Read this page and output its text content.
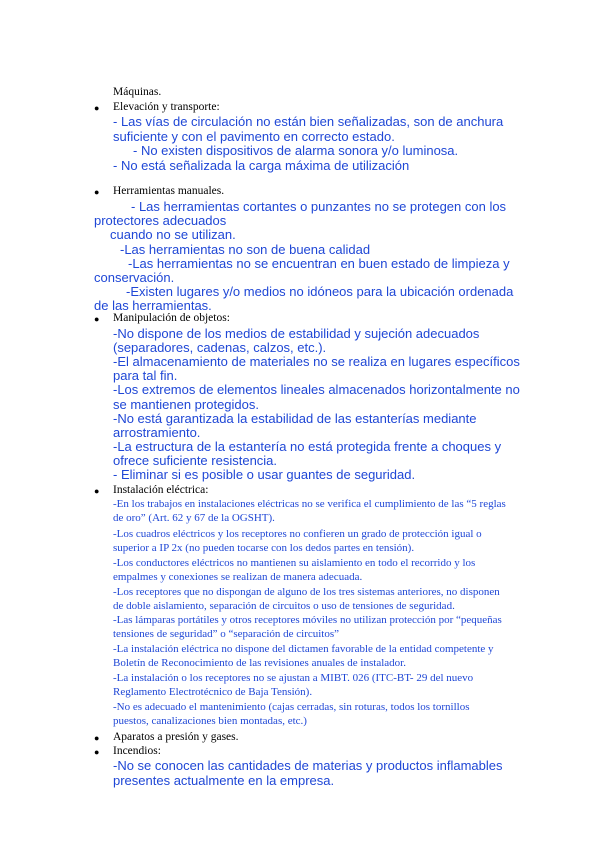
Máquinas.
● Elevación y transporte:
- Las vías de circulación no están bien señalizadas, son de anchura
suficiente y con el pavimento en correcto estado.
- No existen dispositivos de alarma sonora y/o luminosa.
- No está señalizada la carga máxima de utilización
● Herramientas manuales.
- Las herramientas cortantes o punzantes no se protegen con los
protectores adecuados
cuando no se utilizan.
-Las herramientas no son de buena calidad
-Las herramientas no se encuentran en buen estado de limpieza y
conservación.
-Existen lugares y/o medios no idóneos para la ubicación ordenada
de las herramientas.
● Manipulación de objetos:
-No dispone de los medios de estabilidad y sujeción adecuados
(separadores, cadenas, calzos, etc.).
-El almacenamiento de materiales no se realiza en lugares específicos
para tal fin.
-Los extremos de elementos lineales almacenados horizontalmente no
se mantienen protegidos.
-No está garantizada la estabilidad de las estanterías mediante
arrostramiento.
-La estructura de la estantería no está protegida frente a choques y
ofrece suficiente resistencia.
- Eliminar si es posible o usar guantes de seguridad.
● Instalación eléctrica:
-En los trabajos en instalaciones eléctricas no se verifica el cumplimiento de las “5 reglas
de oro” (Art. 62 y 67 de la OGSHT).
-Los cuadros eléctricos y los receptores no confieren un grado de protección igual o
superior a IP 2x (no pueden tocarse con los dedos partes en tensión).
-Los conductores eléctricos no mantienen su aislamiento en todo el recorrido y los
empalmes y conexiones se realizan de manera adecuada.
-Los receptores que no dispongan de alguno de los tres sistemas anteriores, no disponen
de doble aislamiento, separación de circuitos o uso de tensiones de seguridad.
-Las lámparas portátiles y otros receptores móviles no utilizan protección por “pequeñas
tensiones de seguridad” o “separación de circuitos”
-La instalación eléctrica no dispone del dictamen favorable de la entidad competente y
Boletín de Reconocimiento de las revisiones anuales de instalador.
-La instalación o los receptores no se ajustan a MIBT. 026 (ITC-BT- 29 del nuevo
Reglamento Electrotécnico de Baja Tensión).
-No es adecuado el mantenimiento (cajas cerradas, sin roturas, todos los tornillos
puestos, canalizaciones bien montadas, etc.)
● Aparatos a presión y gases.
● Incendios:
-No se conocen las cantidades de materias y productos inflamables
presentes actualmente en la empresa.
